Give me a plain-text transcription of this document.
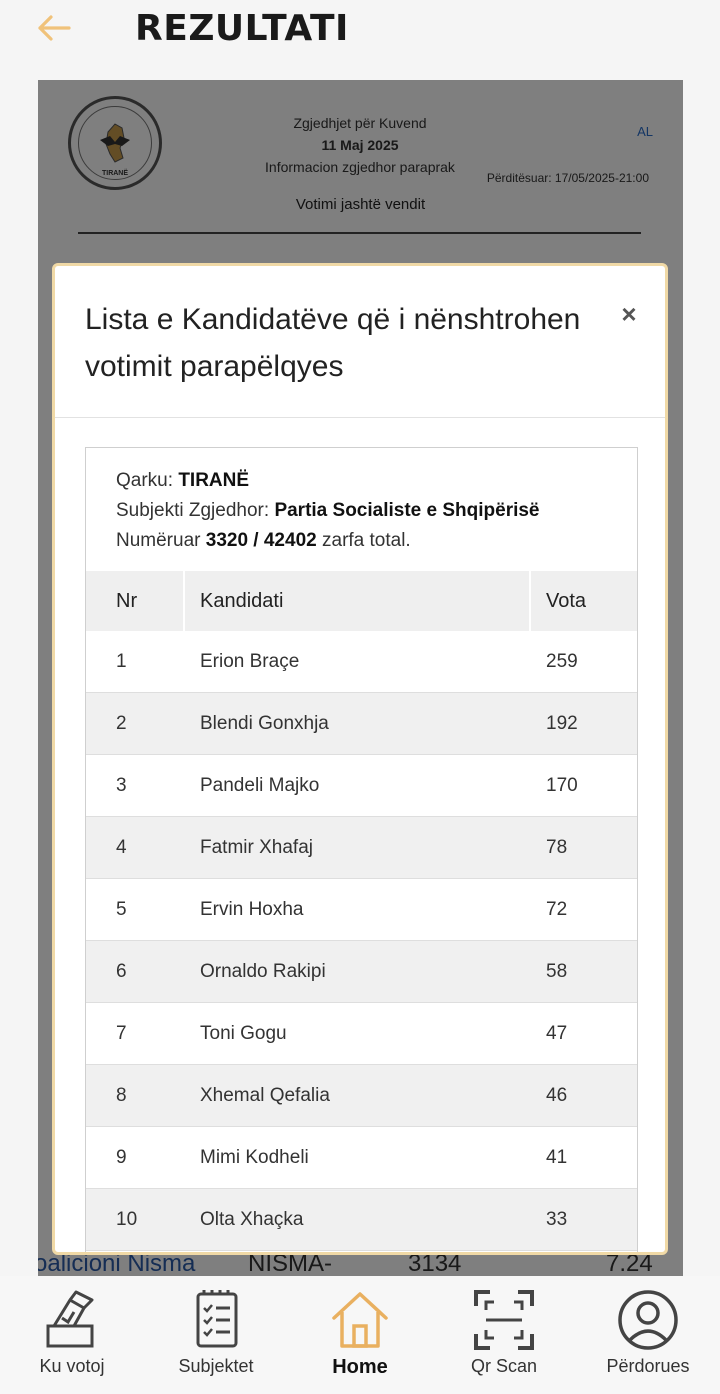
REZULTATI
Lista e Kandidatëve që i nënshtrohen votimit parapëlqyes
×
Qarku: TIRANË
Subjekti Zgjedhor: Partia Socialiste e Shqipërisë
Numëruar 3320 / 42402 zarfa total.
Nr	Kandidati	Vota
1	Erion Braçe	259
2	Blendi Gonxhja	192
3	Pandeli Majko	170
4	Fatmir Xhafaj	78
5	Ervin Hoxha	72
6	Ornaldo Rakipi	58
7	Toni Gogu	47
8	Xhemal Qefalia	46
9	Mimi Kodheli	41
10	Olta Xhaçka	33
Ku votoj	Subjektet	Home	Qr Scan	Përdorues
